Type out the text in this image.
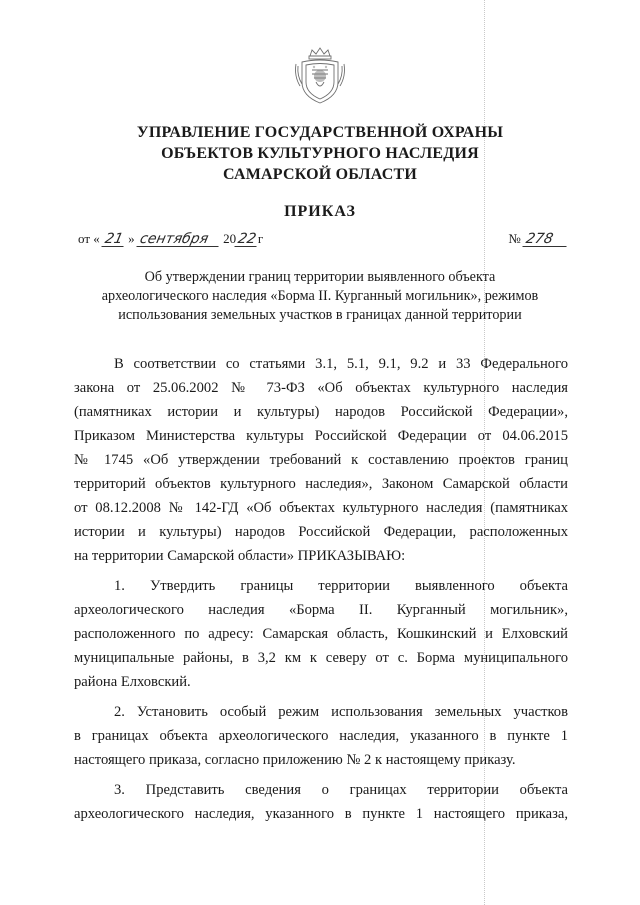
УПРАВЛЕНИЕ ГОСУДАРСТВЕННОЙ ОХРАНЫ
ОБЪЕКТОВ КУЛЬТУРНОГО НАСЛЕДИЯ
САМАРСКОЙ ОБЛАСТИ
ПРИКАЗ
от « 21 » сентября 2022г	№ 278
Об утверждении границ территории выявленного объекта
археологического наследия «Борма II. Курганный могильник», режимов
использования земельных участков в границах данной территории
В соответствии со статьями 3.1, 5.1, 9.1, 9.2 и 33 Федерального
закона от 25.06.2002 № 73-ФЗ «Об объектах культурного наследия
(памятниках истории и культуры) народов Российской Федерации»,
Приказом Министерства культуры Российской Федерации от 04.06.2015
№ 1745 «Об утверждении требований к составлению проектов границ
территорий объектов культурного наследия», Законом Самарской области
от 08.12.2008 № 142-ГД «Об объектах культурного наследия (памятниках
истории и культуры) народов Российской Федерации, расположенных
на территории Самарской области» ПРИКАЗЫВАЮ:
1. Утвердить границы территории выявленного объекта
археологического наследия «Борма II. Курганный могильник»,
расположенного по адресу: Самарская область, Кошкинский и Елховский
муниципальные районы, в 3,2 км к северу от с. Борма муниципального
района Елховский.
2. Установить особый режим использования земельных участков
в границах объекта археологического наследия, указанного в пункте 1
настоящего приказа, согласно приложению № 2 к настоящему приказу.
3. Представить сведения о границах территории объекта
археологического наследия, указанного в пункте 1 настоящего приказа,
